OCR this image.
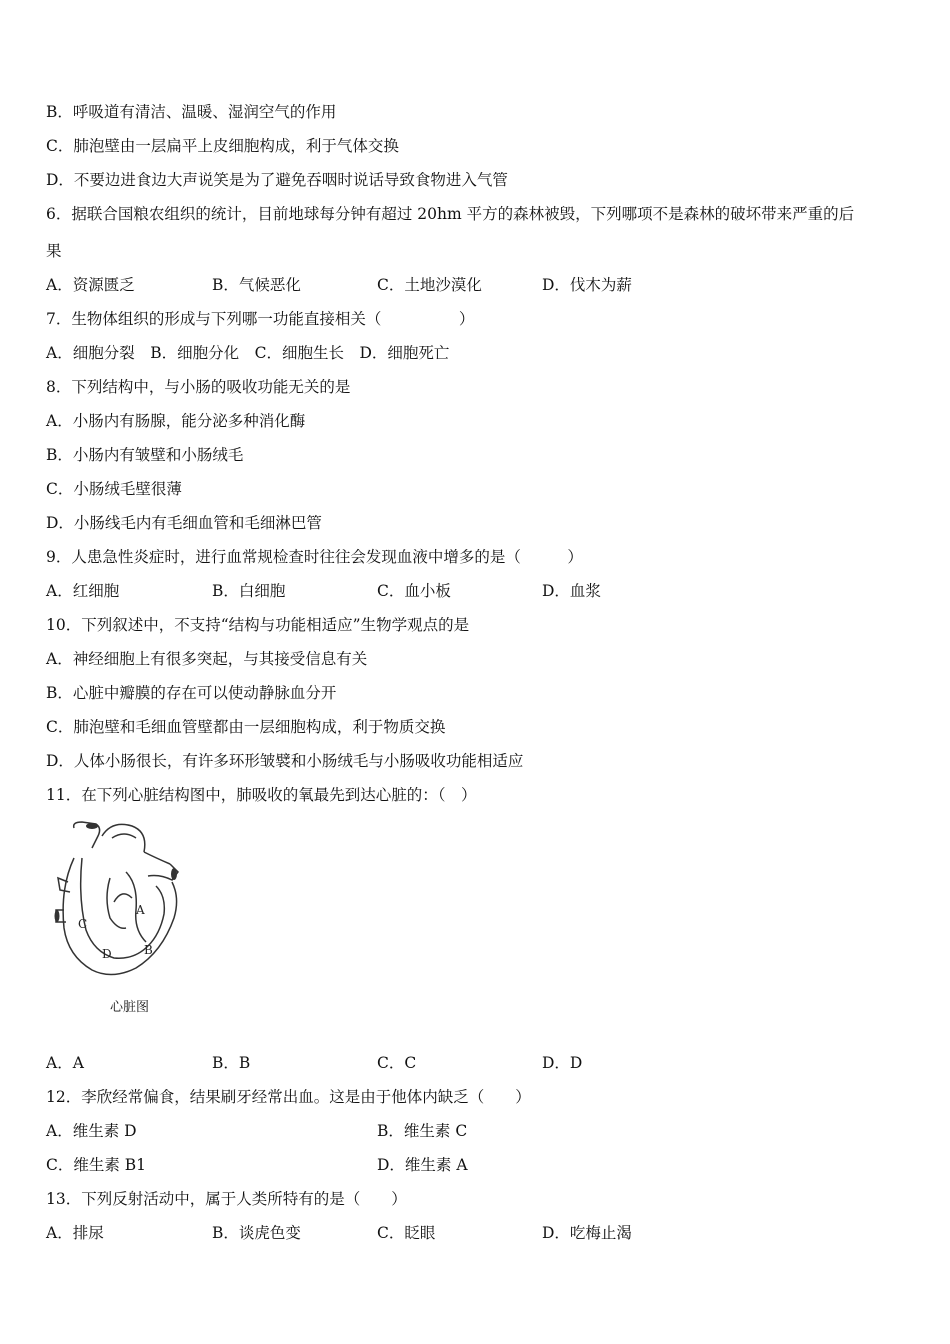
B．呼吸道有清洁、温暖、湿润空气的作用
C．肺泡壁由一层扁平上皮细胞构成，利于气体交换
D．不要边进食边大声说笑是为了避免吞咽时说话导致食物进入气管
6．据联合国粮农组织的统计，目前地球每分钟有超过 20hm 平方的森林被毁，下列哪项不是森林的破坏带来严重的后
果
A．资源匮乏	B．气候恶化	C．土地沙漠化	D．伐木为薪
7．生物体组织的形成与下列哪一功能直接相关（　　　　　）
A．细胞分裂　B．细胞分化　C．细胞生长　D．细胞死亡
8．下列结构中，与小肠的吸收功能无关的是
A．小肠内有肠腺，能分泌多种消化酶
B．小肠内有皱壁和小肠绒毛
C．小肠绒毛壁很薄
D．小肠线毛内有毛细血管和毛细淋巴管
9．人患急性炎症时，进行血常规检查时往往会发现血液中增多的是（　　　）
A．红细胞	B．白细胞	C．血小板	D．血浆
10．下列叙述中，不支持“结构与功能相适应”生物学观点的是
A．神经细胞上有很多突起，与其接受信息有关
B．心脏中瓣膜的存在可以使动静脉血分开
C．肺泡壁和毛细血管壁都由一层细胞构成，利于物质交换
D．人体小肠很长，有许多环形皱襞和小肠绒毛与小肠吸收功能相适应
11．在下列心脏结构图中，肺吸收的氧最先到达心脏的：（　）
A
B
C
D
心脏图
A．A	B．B	C．C	D．D
12．李欣经常偏食，结果刷牙经常出血。这是由于他体内缺乏（　　）
A．维生素 D	B．维生素 C
C．维生素 B1	D．维生素 A
13．下列反射活动中，属于人类所特有的是（　　）
A．排尿	B．谈虎色变	C．眨眼	D．吃梅止渴
